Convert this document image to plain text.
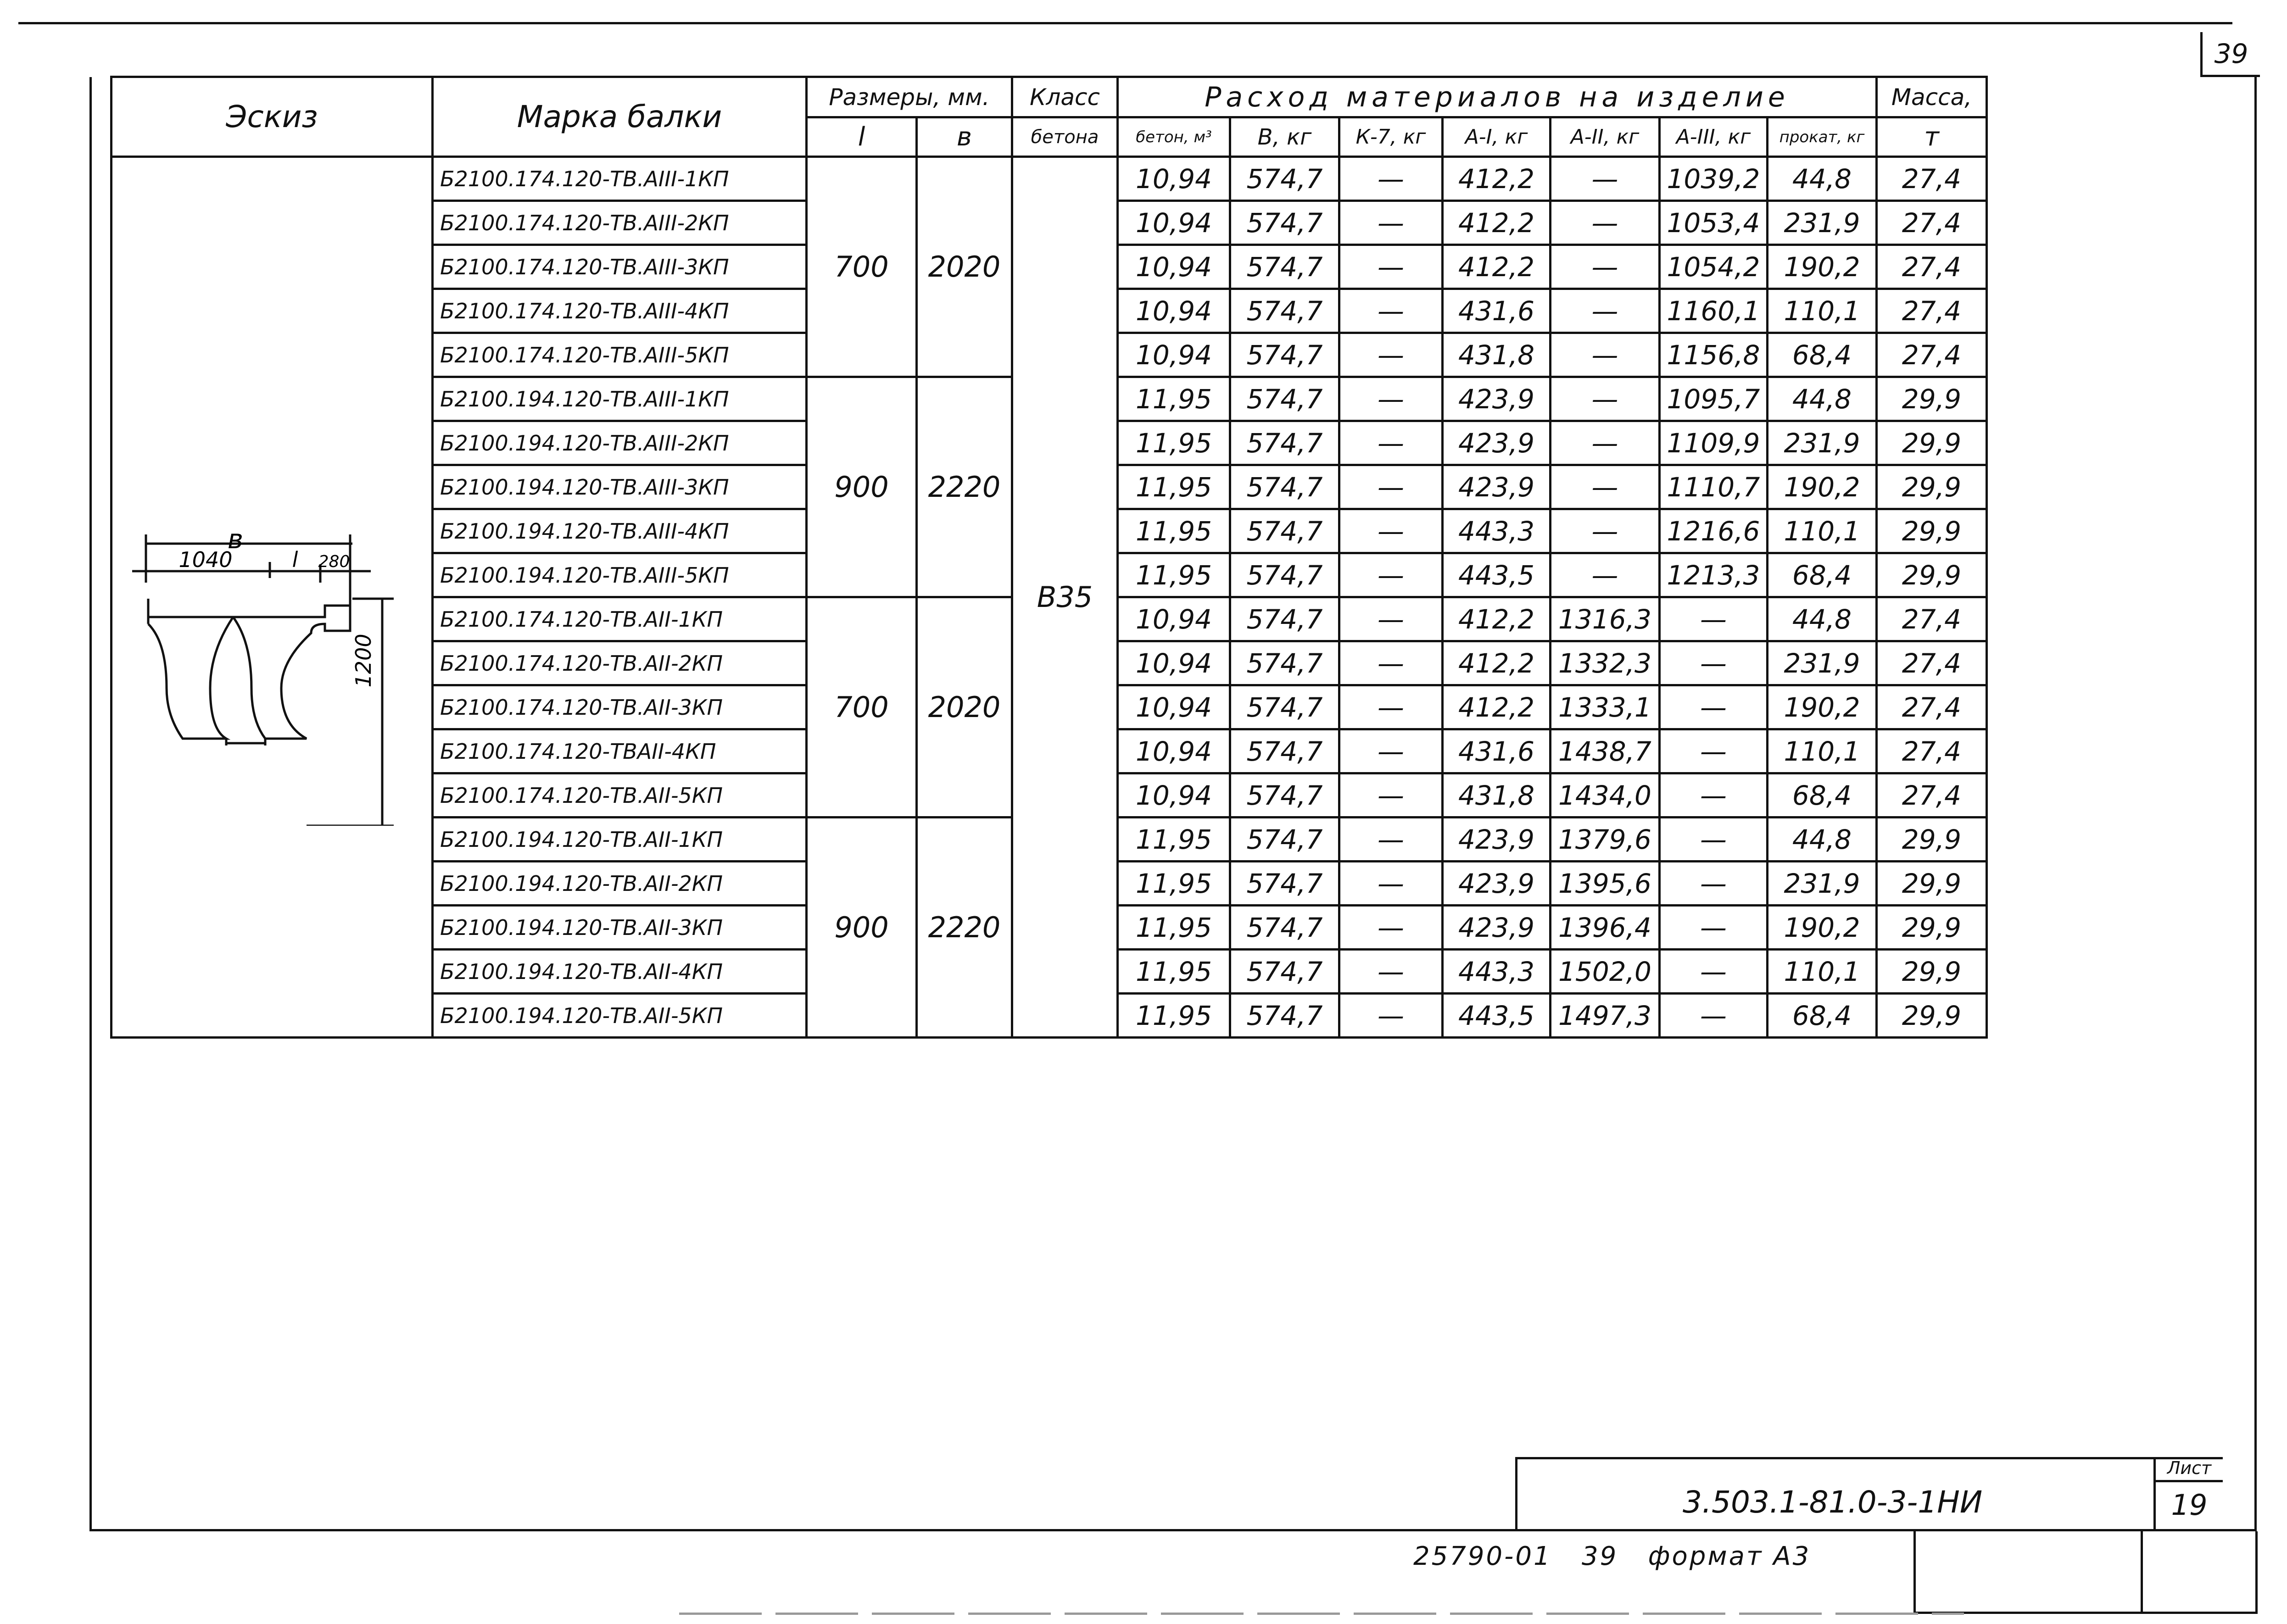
39
Эскиз	Марка балки	Размеры, мм.		Класс	Расход материалов на изделие							Масса,
		l	в	бетона	бетон, м³	В, кг	К-7, кг	А-I, кг	А-II, кг	А-III, кг	прокат, кг	т

в
1040 l 280
1200	Б2100.174.120-ТВ.АIII-1КП	700	2020	В35	10,94	574,7	—	412,2	—	1039,2	44,8	27,4
	Б2100.174.120-ТВ.АIII-2КП				10,94	574,7	—	412,2	—	1053,4	231,9	27,4
	Б2100.174.120-ТВ.АIII-3КП				10,94	574,7	—	412,2	—	1054,2	190,2	27,4
	Б2100.174.120-ТВ.АIII-4КП				10,94	574,7	—	431,6	—	1160,1	110,1	27,4
	Б2100.174.120-ТВ.АIII-5КП				10,94	574,7	—	431,8	—	1156,8	68,4	27,4
	Б2100.194.120-ТВ.АIII-1КП	900	2220		11,95	574,7	—	423,9	—	1095,7	44,8	29,9
	Б2100.194.120-ТВ.АIII-2КП				11,95	574,7	—	423,9	—	1109,9	231,9	29,9
	Б2100.194.120-ТВ.АIII-3КП				11,95	574,7	—	423,9	—	1110,7	190,2	29,9
	Б2100.194.120-ТВ.АIII-4КП				11,95	574,7	—	443,3	—	1216,6	110,1	29,9
	Б2100.194.120-ТВ.АIII-5КП				11,95	574,7	—	443,5	—	1213,3	68,4	29,9
	Б2100.174.120-ТВ.АII-1КП	700	2020		10,94	574,7	—	412,2	1316,3	—	44,8	27,4
	Б2100.174.120-ТВ.АII-2КП				10,94	574,7	—	412,2	1332,3	—	231,9	27,4
	Б2100.174.120-ТВ.АII-3КП				10,94	574,7	—	412,2	1333,1	—	190,2	27,4
	Б2100.174.120-ТВАII-4КП				10,94	574,7	—	431,6	1438,7	—	110,1	27,4
	Б2100.174.120-ТВ.АII-5КП				10,94	574,7	—	431,8	1434,0	—	68,4	27,4
	Б2100.194.120-ТВ.АII-1КП	900	2220		11,95	574,7	—	423,9	1379,6	—	44,8	29,9
	Б2100.194.120-ТВ.АII-2КП				11,95	574,7	—	423,9	1395,6	—	231,9	29,9
	Б2100.194.120-ТВ.АII-3КП				11,95	574,7	—	423,9	1396,4	—	190,2	29,9
	Б2100.194.120-ТВ.АII-4КП				11,95	574,7	—	443,3	1502,0	—	110,1	29,9
	Б2100.194.120-ТВ.АII-5КП				11,95	574,7	—	443,5	1497,3	—	68,4	29,9
3.503.1-81.0-3-1НИ
Лист
19
25790-01   39   формат А3
